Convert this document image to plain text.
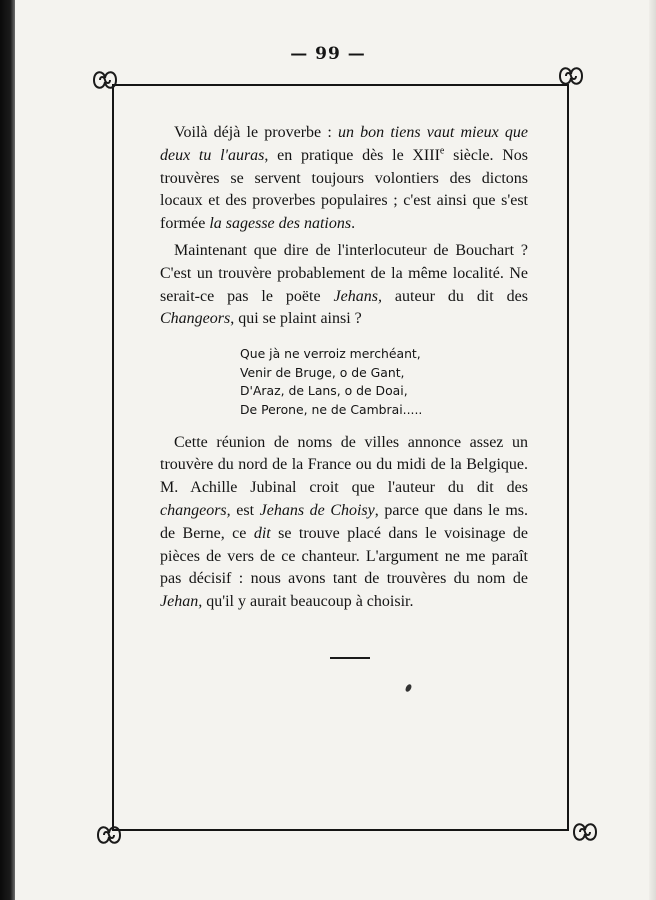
— 99 —

Voilà déjà le proverbe : un bon tiens vaut mieux que deux tu l'auras, en pratique dès le XIIIe siècle. Nos trouvères se servent toujours volontiers des dictons locaux et des proverbes populaires ; c'est ainsi que s'est formée la sagesse des nations.

Maintenant que dire de l'interlocuteur de Bouchart ? C'est un trouvère probablement de la même localité. Ne serait-ce pas le poëte Jehans, auteur du dit des Changeors, qui se plaint ainsi ?

Que jà ne verroiz merchéant,
Venir de Bruge, o de Gant,
D'Araz, de Lans, o de Doai,
De Perone, ne de Cambrai.....

Cette réunion de noms de villes annonce assez un trouvère du nord de la France ou du midi de la Belgique. M. Achille Jubinal croit que l'auteur du dit des changeors, est Jehans de Choisy, parce que dans le ms. de Berne, ce dit se trouve placé dans le voisinage de pièces de vers de ce chanteur. L'argument ne me paraît pas décisif : nous avons tant de trouvères du nom de Jehan, qu'il y aurait beaucoup à choisir.
